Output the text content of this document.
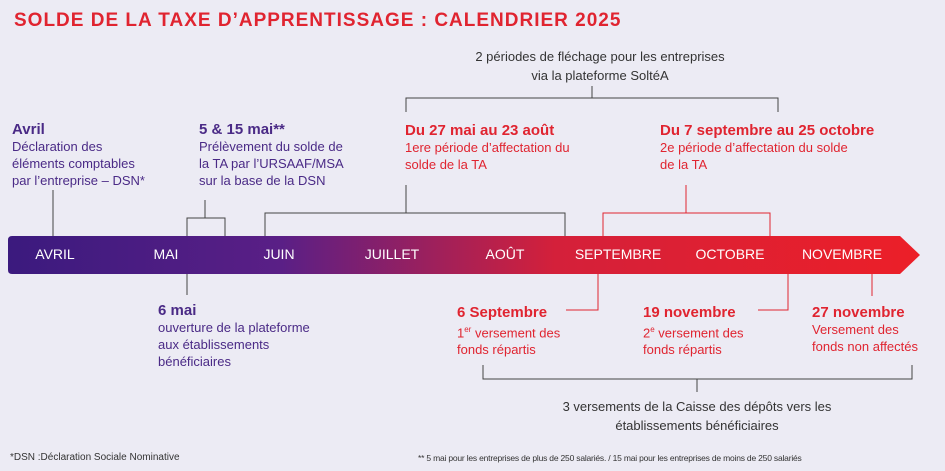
SOLDE DE LA TAXE D’APPRENTISSAGE : CALENDRIER 2025
2 périodes de fléchage pour les entreprises
via la plateforme SoltéA
AVRIL	MAI	JUIN	JUILLET	AOÛT	SEPTEMBRE OCTOBRE	NOVEMBRE
Avril
Déclaration des
éléments comptables
par l’entreprise – DSN*
5 & 15 mai**
Prélèvement du solde de
la TA par l’URSAAF/MSA
sur la base de la DSN
Du 27 mai au 23 août
1ere période d’affectation du
solde de la TA
Du 7 septembre au 25 octobre
2e période d’affectation du solde
de la TA
6 mai
ouverture de la plateforme
aux établissements
bénéficiaires
6 Septembre
1er versement des
fonds répartis
19 novembre
2e versement des
fonds répartis
27 novembre
Versement des
fonds non affectés
3 versements de la Caisse des dépôts vers les
établissements bénéficiaires
*DSN :Déclaration Sociale Nominative	** 5 mai pour les entreprises de plus de 250 salariés. / 15 mai pour les entreprises de moins de 250 salariés
